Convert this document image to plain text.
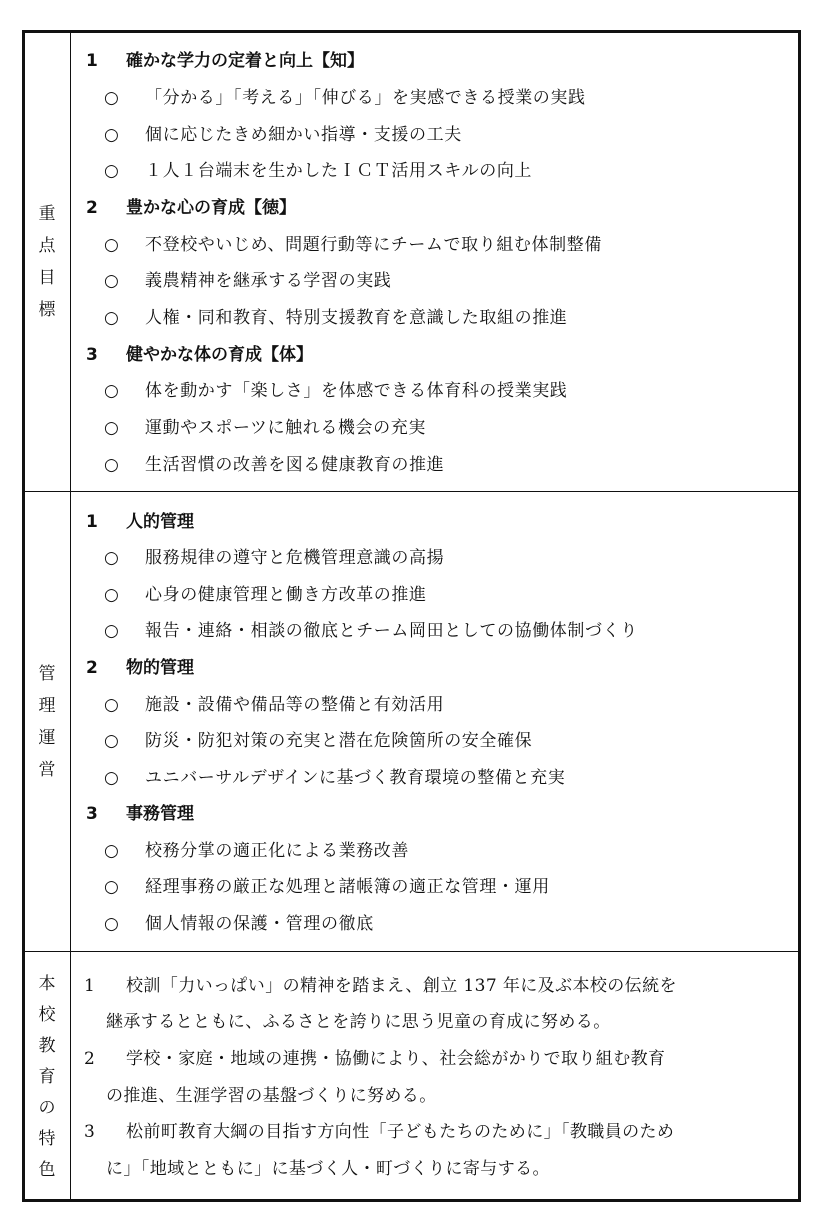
重
点
目
標
1 確かな学力の定着と向上【知】
○ 「分かる」「考える」「伸びる」を実感できる授業の実践
○ 個に応じたきめ細かい指導・支援の工夫
○ １人１台端末を生かしたＩＣＴ活用スキルの向上
2 豊かな心の育成【徳】
○ 不登校やいじめ、問題行動等にチームで取り組む体制整備
○ 義農精神を継承する学習の実践
○ 人権・同和教育、特別支援教育を意識した取組の推進
3 健やかな体の育成【体】
○ 体を動かす「楽しさ」を体感できる体育科の授業実践
○ 運動やスポーツに触れる機会の充実
○ 生活習慣の改善を図る健康教育の推進
管
理
運
営
1 人的管理
○ 服務規律の遵守と危機管理意識の高揚
○ 心身の健康管理と働き方改革の推進
○ 報告・連絡・相談の徹底とチーム岡田としての協働体制づくり
2 物的管理
○ 施設・設備や備品等の整備と有効活用
○ 防災・防犯対策の充実と潜在危険箇所の安全確保
○ ユニバーサルデザインに基づく教育環境の整備と充実
3 事務管理
○ 校務分掌の適正化による業務改善
○ 経理事務の厳正な処理と諸帳簿の適正な管理・運用
○ 個人情報の保護・管理の徹底
本
校
教
育
の
特
色
1 校訓「力いっぱい」の精神を踏まえ、創立 137 年に及ぶ本校の伝統を
継承するとともに、ふるさとを誇りに思う児童の育成に努める。
2 学校・家庭・地域の連携・協働により、社会総がかりで取り組む教育
の推進、生涯学習の基盤づくりに努める。
3 松前町教育大綱の目指す方向性「子どもたちのために」「教職員のため
に」「地域とともに」に基づく人・町づくりに寄与する。
